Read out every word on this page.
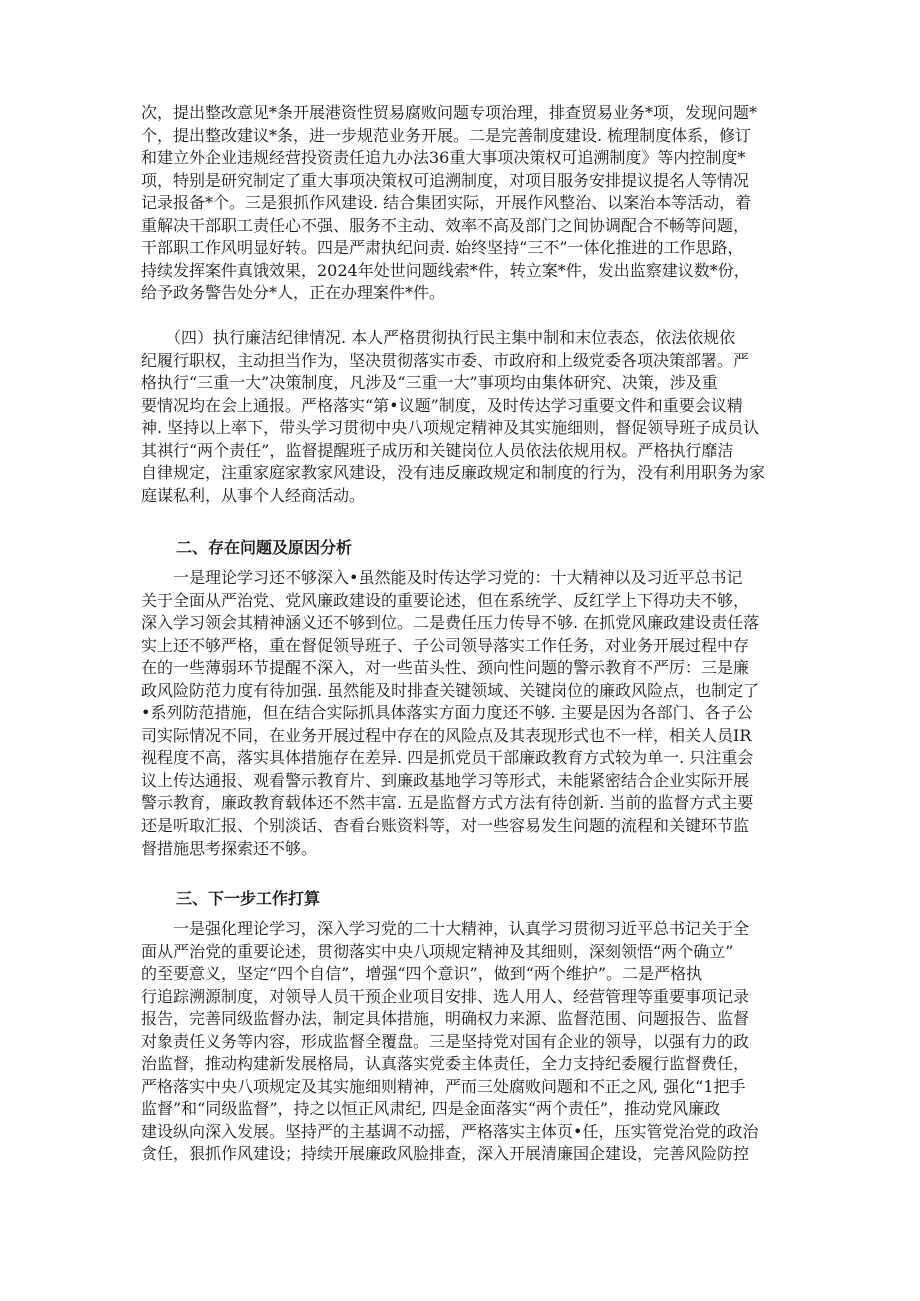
次，提出整改意见*条开展港资性贸易腐败问题专项治理，排查贸易业务*项，发现问题*
个，提出整改建议*条，进一步规范业务开展。二是完善制度建设. 梳理制度体系，修订
和建立外企业违规经营投资责任追九办法36重大事项决策权可追溯制度》等内控制度*
项，特别是研究制定了重大事项决策权可追溯制度，对项目服务安排提议提名人等情况
记录报备*个。三是狠抓作风建设. 结合集团实际，开展作风整治、以案治本等活动，着
重解决干部职工责任心不强、服务不主动、效率不高及部门之间协调配合不畅等问题，
干部职工作风明显好转。四是严肃执纪问责. 始终坚持“三不”一体化推进的工作思路，
持续发挥案件真饿效果，2024年处世问题线索*件，转立案*件，发出监察建议数*份，
给予政务警告处分*人，正在办理案件*件。

　　（四）执行廉洁纪律情况. 本人严格贯彻执行民主集中制和末位表态，依法依规依
纪履行职权，主动担当作为，坚决贯彻落实市委、市政府和上级党委各项决策部署。严
格执行“三重一大”决策制度，凡涉及“三重一大”事项均由集体研究、决策，涉及重
要情况均在会上通报。严格落实“第•议题”制度，及时传达学习重要文件和重要会议精
神. 坚持以上率下，带头学习贯彻中央八项规定精神及其实施细则，督促领导班子成员认
其祺行“两个责任”，监督提醒班子成历和关键岗位人员依法依规用权。严格执行靡洁
自律规定，注重家庭家教家风建设，没有违反廉政规定和制度的行为，没有利用职务为家
庭谋私利，从事个人经商活动。

二、存在问题及原因分析

　　一是理论学习还不够深入•虽然能及时传达学习党的：十大精神以及习近平总书记
关于全面从严治党、党风廉政建设的重要论述，但在系统学、反红学上下得功夫不够，
深入学习领会其精神涵义还不够到位。二是费任压力传导不够. 在抓党风廉政建设责任落
实上还不够严格，重在督促领导班子、子公司领导落实工作任务，对业务开展过程中存
在的一些薄弱环节提醒不深入，对一些苗头性、颈向性问题的警示教育不严厉：三是廉
政风险防范力度有待加强. 虽然能及时排查关键领域、关键岗位的廉政风险点，也制定了
•系列防范措施，但在结合实际抓具体落实方面力度还不够. 主要是因为各部门、各子公
司实际情况不同，在业务开展过程中存在的风险点及其表现形式也不一样，相关人员IR
视程度不高，落实具体措施存在差异. 四是抓党员干部廉政教育方式较为单一. 只注重会
议上传达通报、观看警示教育片、到廉政基地学习等形式，未能紧密结合企业实际开展
警示教育，廉政教育载体还不然丰富. 五是监督方式方法有待创新. 当前的监督方式主要
还是听取汇报、个别淡话、杳看台账资料等，对一些容易发生问题的流程和关键环节监
督措施思考探索还不够。

三、下一步工作打算

　　一是强化理论学习，深入学习党的二十大精神，认真学习贯彻习近平总书记关于全
面从严治党的重要论述，贯彻落实中央八项规定精神及其细则，深刻领悟“两个确立”
的至要意义，坚定“四个自信”，增强“四个意识”，做到“两个维护”。二是严格执
行追踪溯源制度，对领导人员干预企业项目安排、选人用人、经营管理等重要事项记录
报告，完善同级监督办法，制定具体措施，明确权力来源、监督范围、问题报告、监督
对象责任义务等内容，形成监督全覆盘。三是坚持党对国有企业的领导，以强有力的政
治监督，推动构建新发展格局，认真落实党委主体责任，全力支持纪委履行监督费任，
严格落实中央八项规定及其实施细则精神，严而三处腐败问题和不正之风, 强化“1把手
监督”和“同级监督”，持之以恒正风肃纪, 四是金面落实“两个责任”，推动党风廉政
建设纵向深入发展。坚持严的主基调不动摇，严格落实主体页•任，压实管党治党的政治
贪任，狠抓作风建设；持续开展廉政风脸排查，深入开展清廉国企建设，完善风险防控
